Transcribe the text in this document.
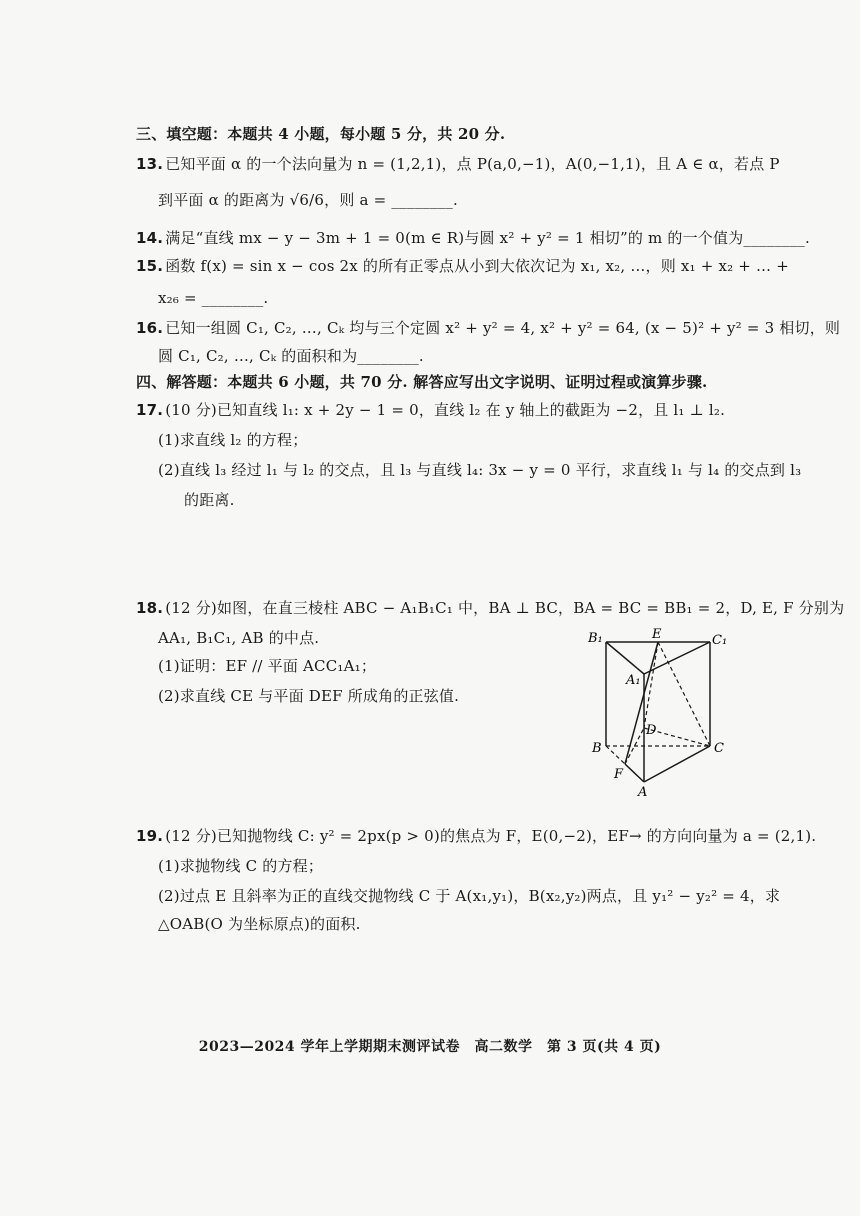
三、填空题：本题共 4 小题，每小题 5 分，共 20 分.
13. 已知平面 α 的一个法向量为 n = (1,2,1)，点 P(a,0,−1)，A(0,−1,1)，且 A ∈ α，若点 P
到平面 α 的距离为 √6/6，则 a = ________.
14. 满足“直线 mx − y − 3m + 1 = 0(m ∈ R)与圆 x² + y² = 1 相切”的 m 的一个值为________.
15. 函数 f(x) = sin x − cos 2x 的所有正零点从小到大依次记为 x₁, x₂, …，则 x₁ + x₂ + … +
x₂₆ = ________.
16. 已知一组圆 C₁, C₂, …, Cₖ 均与三个定圆 x² + y² = 4, x² + y² = 64, (x − 5)² + y² = 3 相切，则
圆 C₁, C₂, …, Cₖ 的面积和为________.
四、解答题：本题共 6 小题，共 70 分. 解答应写出文字说明、证明过程或演算步骤.
17. (10 分)已知直线 l₁: x + 2y − 1 = 0，直线 l₂ 在 y 轴上的截距为 −2，且 l₁ ⊥ l₂.
(1)求直线 l₂ 的方程；
(2)直线 l₃ 经过 l₁ 与 l₂ 的交点，且 l₃ 与直线 l₄: 3x − y = 0 平行，求直线 l₁ 与 l₄ 的交点到 l₃
的距离.
18. (12 分)如图，在直三棱柱 ABC − A₁B₁C₁ 中，BA ⊥ BC，BA = BC = BB₁ = 2，D, E, F 分别为
AA₁, B₁C₁, AB 的中点.
(1)证明：EF // 平面 ACC₁A₁；
(2)求直线 CE 与平面 DEF 所成角的正弦值.
B₁	E	C₁
A₁
D
B	C
F
A
19. (12 分)已知抛物线 C: y² = 2px(p > 0)的焦点为 F，E(0,−2)，EF→ 的方向向量为 a = (2,1).
(1)求抛物线 C 的方程；
(2)过点 E 且斜率为正的直线交抛物线 C 于 A(x₁,y₁)，B(x₂,y₂)两点，且 y₁² − y₂² = 4，求
△OAB(O 为坐标原点)的面积.
2023—2024 学年上学期期末测评试卷　高二数学　第 3 页(共 4 页)
